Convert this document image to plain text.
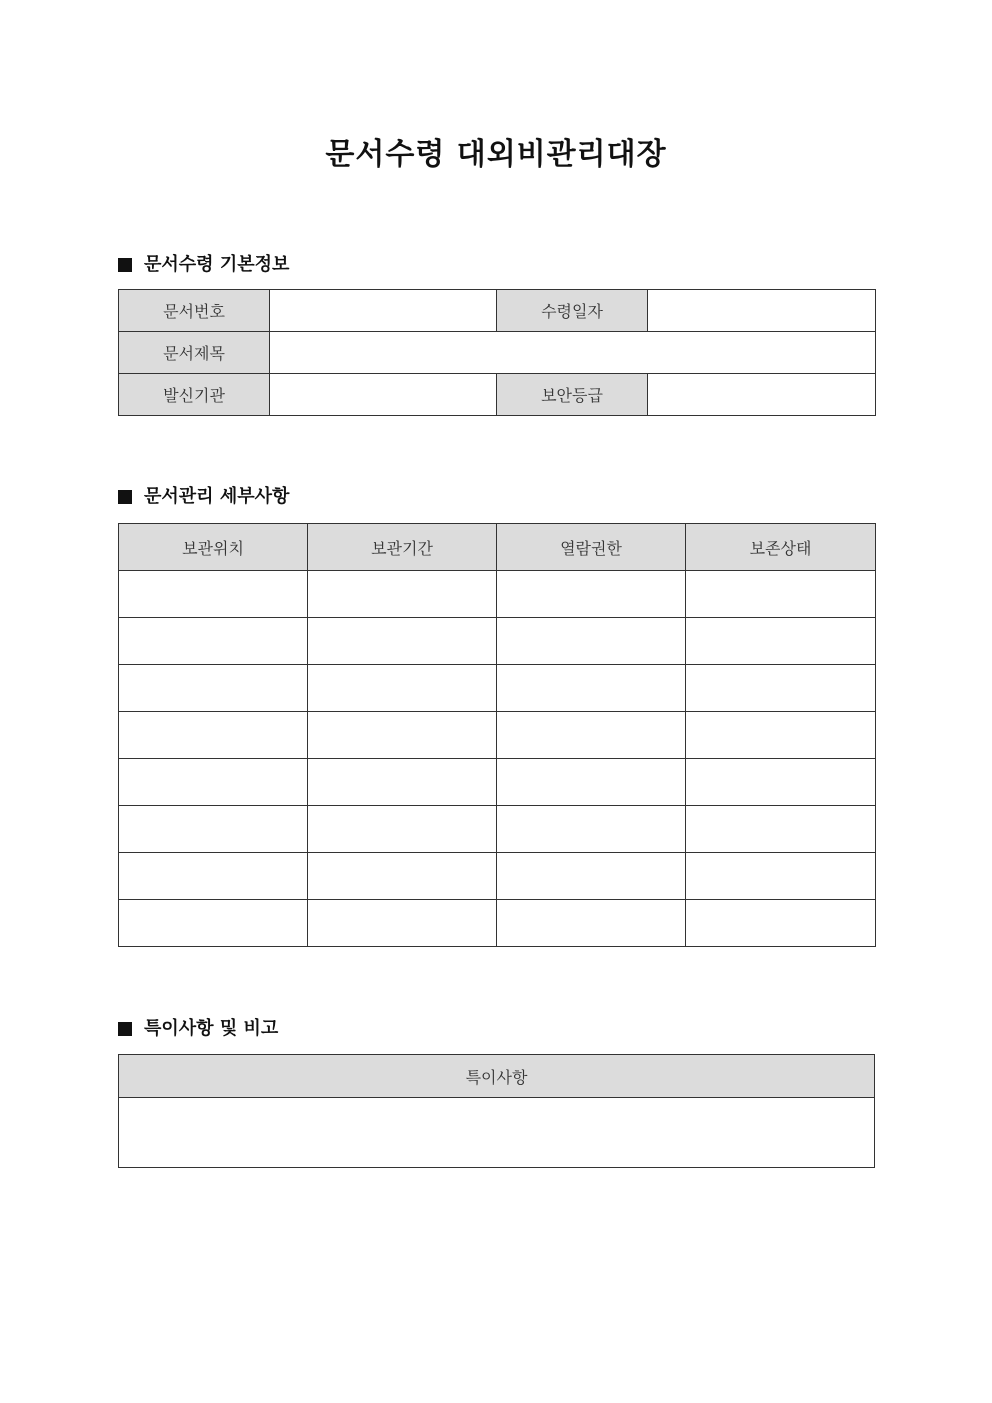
문서수령 대외비관리대장
문서수령 기본정보
문서번호		수령일자	
문서제목			
발신기관		보안등급	
문서관리 세부사항
보관위치	보관기간	열람권한	보존상태

특이사항 및 비고
특이사항
